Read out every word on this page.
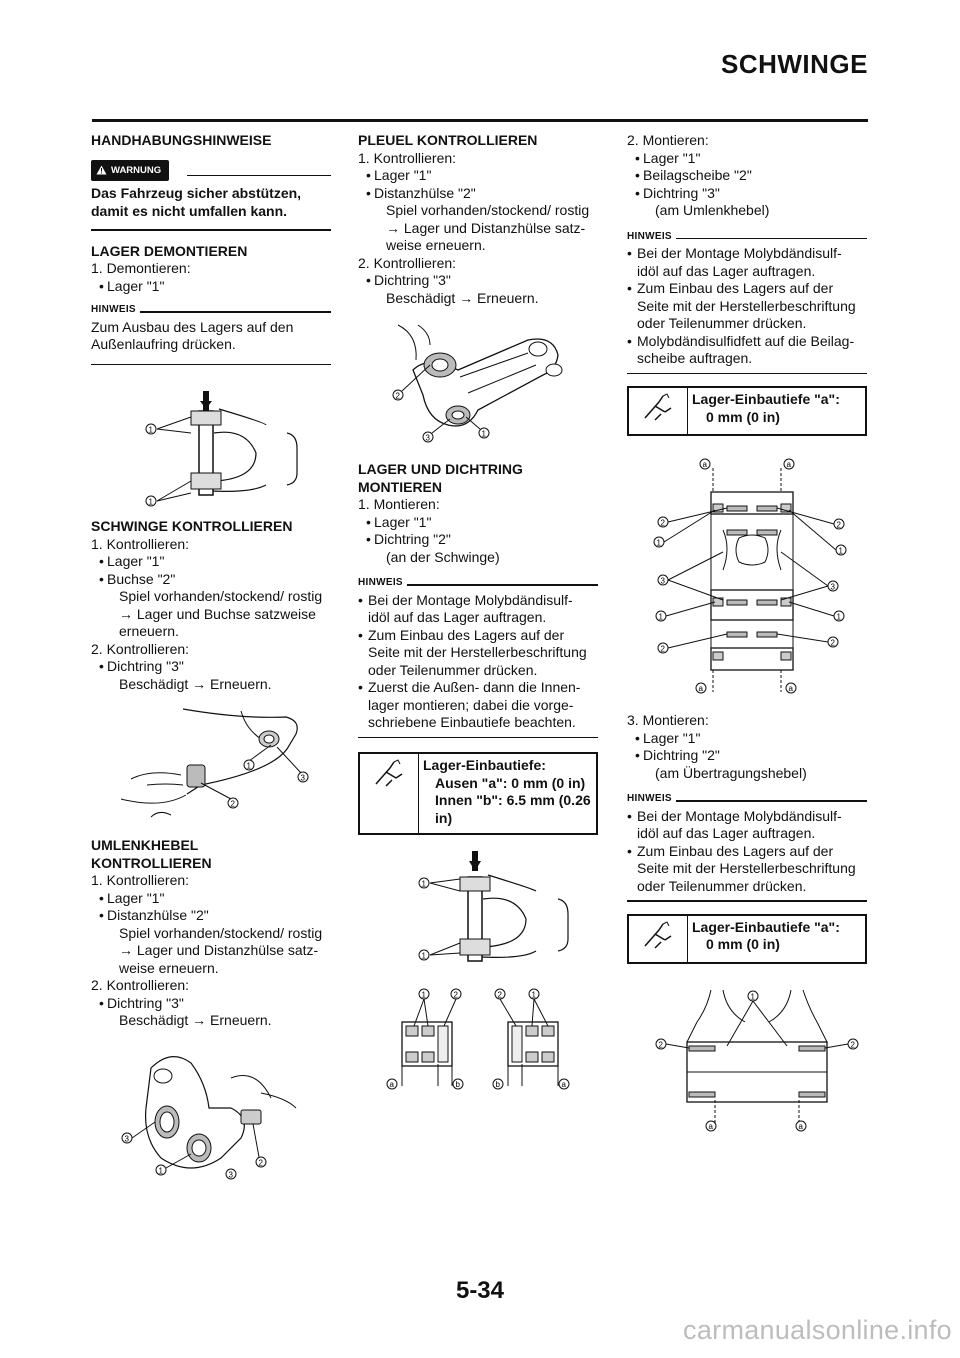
SCHWINGE
HANDHABUNGSHINWEISE
WARNUNG
Das Fahrzeug sicher abstützen,
damit es nicht umfallen kann.
LAGER DEMONTIEREN
1. Demontieren:
• Lager "1"
HINWEIS
Zum Ausbau des Lagers auf den
Außenlaufring drücken.
1
1
SCHWINGE KONTROLLIEREN
1. Kontrollieren:
• Lager "1"
• Buchse "2"
Spiel vorhanden/stockend/ rostig
→ Lager und Buchse satzweise
erneuern.
2. Kontrollieren:
• Dichtring "3"
Beschädigt → Erneuern.
1
3
2
UMLENKHEBEL
KONTROLLIEREN
1. Kontrollieren:
• Lager "1"
• Distanzhülse "2"
Spiel vorhanden/stockend/ rostig
→ Lager und Distanzhülse satz-
weise erneuern.
2. Kontrollieren:
• Dichtring "3"
Beschädigt → Erneuern.
3
1	3
2
PLEUEL KONTROLLIEREN
1. Kontrollieren:
• Lager "1"
• Distanzhülse "2"
Spiel vorhanden/stockend/ rostig
→ Lager und Distanzhülse satz-
weise erneuern.
2. Kontrollieren:
• Dichtring "3"
Beschädigt → Erneuern.
2
3	1
LAGER UND DICHTRING
MONTIEREN
1. Montieren:
• Lager "1"
• Dichtring "2"
(an der Schwinge)
HINWEIS
• Bei der Montage Molybdändisulf-
idöl auf das Lager auftragen.
• Zum Einbau des Lagers auf der
Seite mit der Herstellerbeschriftung
oder Teilenummer drücken.
• Zuerst die Außen- dann die Innen-
lager montieren; dabei die vorge-
schriebene Einbautiefe beachten.
Lager-Einbautiefe:
Ausen "a": 0 mm (0 in)
Innen "b": 6.5 mm (0.26
in)
1
1
a	b	b	a
1	2	2	1
2. Montieren:
• Lager "1"
• Beilagscheibe "2"
• Dichtring "3"
(am Umlenkhebel)
HINWEIS
• Bei der Montage Molybdändisulf-
idöl auf das Lager auftragen.
• Zum Einbau des Lagers auf der
Seite mit der Herstellerbeschriftung
oder Teilenummer drücken.
• Molybdändisulfidfett auf die Beilag-
scheibe auftragen.
Lager-Einbautiefe "a":
0 mm (0 in)
a	a
a	a
2
1
3
1
2
2
1
3
1
2
3. Montieren:
• Lager "1"
• Dichtring "2"
(am Übertragungshebel)
HINWEIS
• Bei der Montage Molybdändisulf-
idöl auf das Lager auftragen.
• Zum Einbau des Lagers auf der
Seite mit der Herstellerbeschriftung
oder Teilenummer drücken.
Lager-Einbautiefe "a":
0 mm (0 in)
1
2	2
a	a
5-34
carmanualsonline.info
